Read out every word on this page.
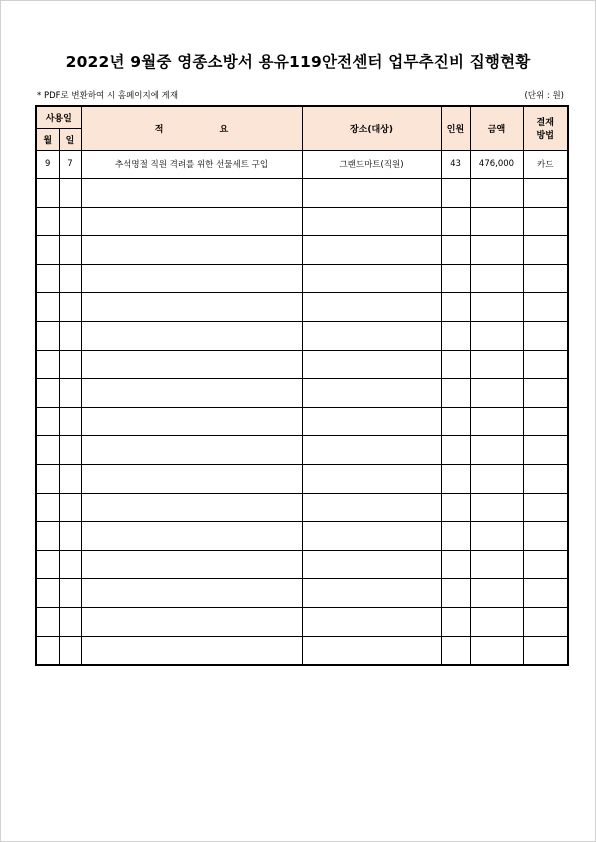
2022년 9월중 영종소방서 용유119안전센터 업무추진비 집행현황
* PDF로 변환하여 시 홈페이지에 게재	(단위 : 원)
사용일		적 요	장소(대상)	인원	금액	결재
방법
월	일					
9	7	추석명절 직원 격려를 위한 선물세트 구입	그랜드마트(직원)	43	476,000	카드
